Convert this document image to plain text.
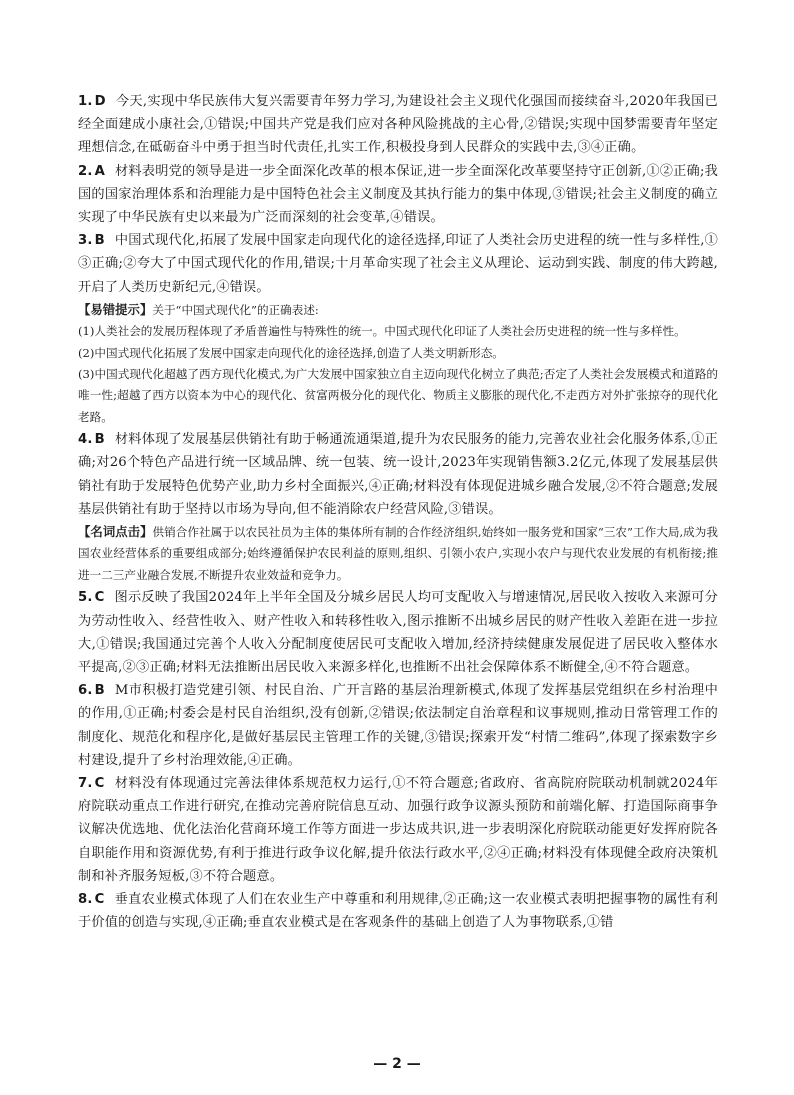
1. D 今天,实现中华民族伟大复兴需要青年努力学习,为建设社会主义现代化强国而接续奋斗,2020年我国已经全面建成小康社会,①错误;中国共产党是我们应对各种风险挑战的主心骨,②错误;实现中国梦需要青年坚定理想信念,在砥砺奋斗中勇于担当时代责任,扎实工作,积极投身到人民群众的实践中去,③④正确。

2. A 材料表明党的领导是进一步全面深化改革的根本保证,进一步全面深化改革要坚持守正创新,①②正确;我国的国家治理体系和治理能力是中国特色社会主义制度及其执行能力的集中体现,③错误;社会主义制度的确立实现了中华民族有史以来最为广泛而深刻的社会变革,④错误。

3. B 中国式现代化,拓展了发展中国家走向现代化的途径选择,印证了人类社会历史进程的统一性与多样性,①③正确;②夸大了中国式现代化的作用,错误;十月革命实现了社会主义从理论、运动到实践、制度的伟大跨越,开启了人类历史新纪元,④错误。

【易错提示】关于“中国式现代化”的正确表述:

(1)人类社会的发展历程体现了矛盾普遍性与特殊性的统一。中国式现代化印证了人类社会历史进程的统一性与多样性。

(2)中国式现代化拓展了发展中国家走向现代化的途径选择,创造了人类文明新形态。

(3)中国式现代化超越了西方现代化模式,为广大发展中国家独立自主迈向现代化树立了典范;否定了人类社会发展模式和道路的唯一性;超越了西方以资本为中心的现代化、贫富两极分化的现代化、物质主义膨胀的现代化,不走西方对外扩张掠夺的现代化老路。

4. B 材料体现了发展基层供销社有助于畅通流通渠道,提升为农民服务的能力,完善农业社会化服务体系,①正确;对26个特色产品进行统一区域品牌、统一包装、统一设计,2023年实现销售额3.2亿元,体现了发展基层供销社有助于发展特色优势产业,助力乡村全面振兴,④正确;材料没有体现促进城乡融合发展,②不符合题意;发展基层供销社有助于坚持以市场为导向,但不能消除农户经营风险,③错误。

【名词点击】供销合作社属于以农民社员为主体的集体所有制的合作经济组织,始终如一服务党和国家“三农”工作大局,成为我国农业经营体系的重要组成部分;始终遵循保护农民利益的原则,组织、引领小农户,实现小农户与现代农业发展的有机衔接;推进一二三产业融合发展,不断提升农业效益和竞争力。

5. C 图示反映了我国2024年上半年全国及分城乡居民人均可支配收入与增速情况,居民收入按收入来源可分为劳动性收入、经营性收入、财产性收入和转移性收入,图示推断不出城乡居民的财产性收入差距在进一步拉大,①错误;我国通过完善个人收入分配制度使居民可支配收入增加,经济持续健康发展促进了居民收入整体水平提高,②③正确;材料无法推断出居民收入来源多样化,也推断不出社会保障体系不断健全,④不符合题意。

6. B M市积极打造党建引领、村民自治、广开言路的基层治理新模式,体现了发挥基层党组织在乡村治理中的作用,①正确;村委会是村民自治组织,没有创新,②错误;依法制定自治章程和议事规则,推动日常管理工作的制度化、规范化和程序化,是做好基层民主管理工作的关键,③错误;探索开发“村情二维码”,体现了探索数字乡村建设,提升了乡村治理效能,④正确。

7. C 材料没有体现通过完善法律体系规范权力运行,①不符合题意;省政府、省高院府院联动机制就2024年府院联动重点工作进行研究,在推动完善府院信息互动、加强行政争议源头预防和前端化解、打造国际商事争议解决优选地、优化法治化营商环境工作等方面进一步达成共识,进一步表明深化府院联动能更好发挥府院各自职能作用和资源优势,有利于推进行政争议化解,提升依法行政水平,②④正确;材料没有体现健全政府决策机制和补齐服务短板,③不符合题意。

8. C 垂直农业模式体现了人们在农业生产中尊重和利用规律,②正确;这一农业模式表明把握事物的属性有利于价值的创造与实现,④正确;垂直农业模式是在客观条件的基础上创造了人为事物联系,①错

— 2 —
